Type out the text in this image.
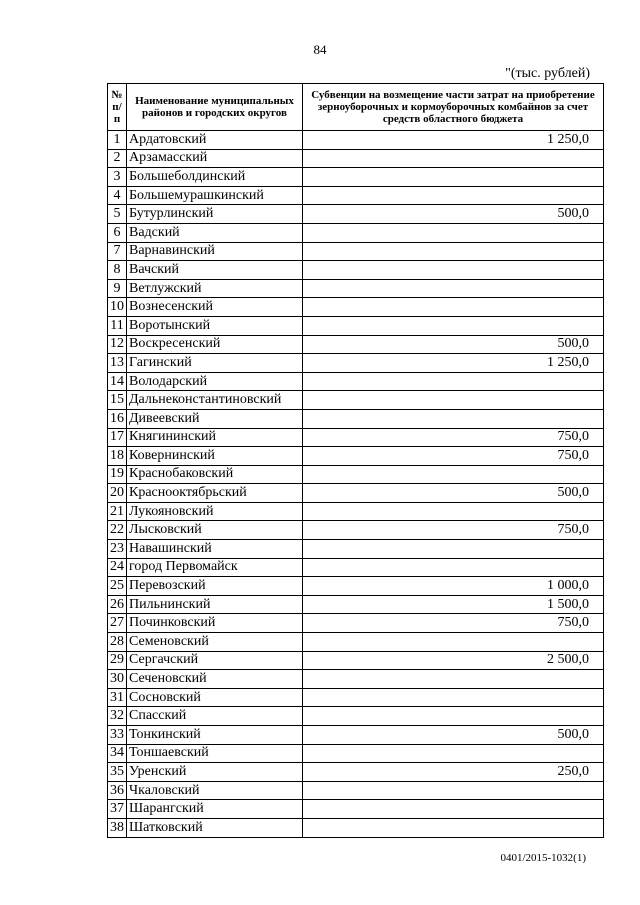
84
"(тыс. рублей)
№ п/п	Наименование муниципальных районов и городских округов	Субвенции на возмещение части затрат на приобретение зерноуборочных и кормоуборочных комбайнов за счет средств областного бюджета
1	Ардатовский	1 250,0
2	Арзамасский	
3	Большеболдинский	
4	Большемурашкинский	
5	Бутурлинский	500,0
6	Вадский	
7	Варнавинский	
8	Вачский	
9	Ветлужский	
10	Вознесенский	
11	Воротынский	
12	Воскресенский	500,0
13	Гагинский	1 250,0
14	Володарский	
15	Дальнеконстантиновский	
16	Дивеевский	
17	Княгининский	750,0
18	Ковернинский	750,0
19	Краснобаковский	
20	Краснооктябрьский	500,0
21	Лукояновский	
22	Лысковский	750,0
23	Навашинский	
24	город Первомайск	
25	Перевозский	1 000,0
26	Пильнинский	1 500,0
27	Починковский	750,0
28	Семеновский	
29	Сергачский	2 500,0
30	Сеченовский	
31	Сосновский	
32	Спасский	
33	Тонкинский	500,0
34	Тоншаевский	
35	Уренский	250,0
36	Чкаловский	
37	Шарангский	
38	Шатковский	
0401/2015-1032(1)
